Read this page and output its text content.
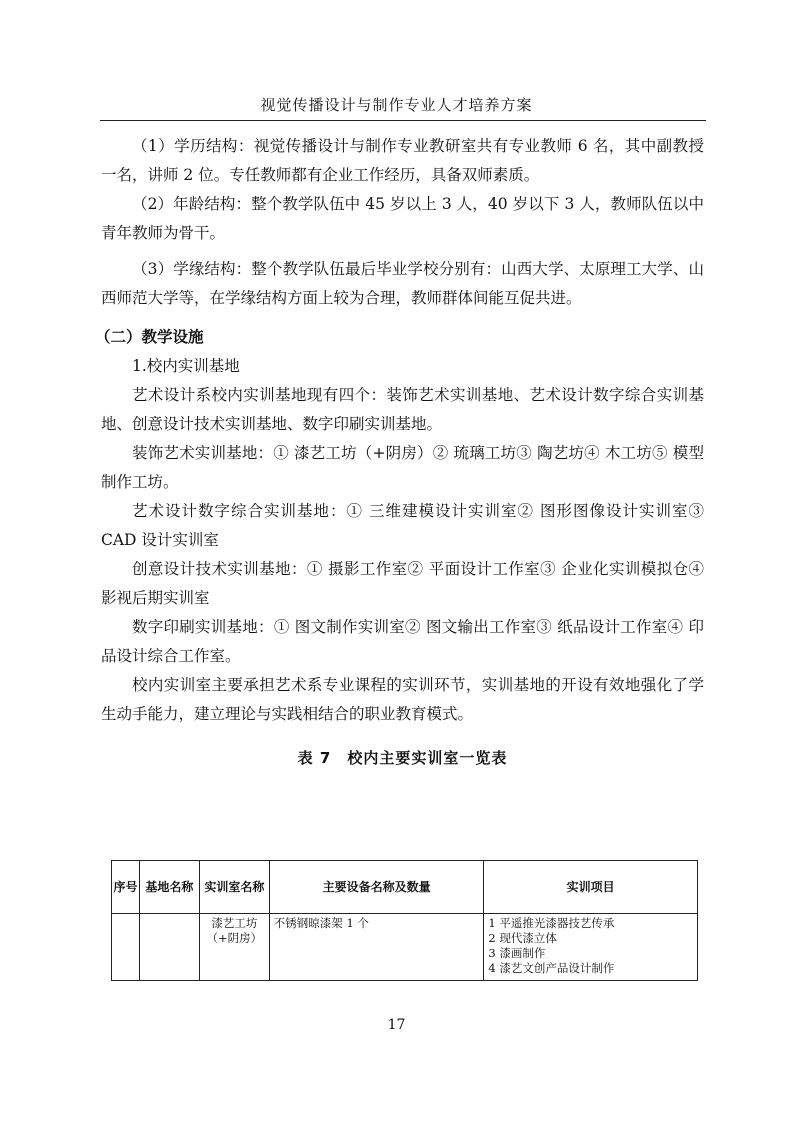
视觉传播设计与制作专业人才培养方案

（1）学历结构：视觉传播设计与制作专业教研室共有专业教师 6 名，其中副教授一名，讲师 2 位。专任教师都有企业工作经历，具备双师素质。

（2）年龄结构：整个教学队伍中 45 岁以上 3 人，40 岁以下 3 人，教师队伍以中青年教师为骨干。

（3）学缘结构：整个教学队伍最后毕业学校分别有：山西大学、太原理工大学、山西师范大学等，在学缘结构方面上较为合理，教师群体间能互促共进。

（二）教学设施

1.校内实训基地

艺术设计系校内实训基地现有四个：装饰艺术实训基地、艺术设计数字综合实训基地、创意设计技术实训基地、数字印刷实训基地。

装饰艺术实训基地：① 漆艺工坊（+阴房）② 琉璃工坊③ 陶艺坊④ 木工坊⑤ 模型制作工坊。

艺术设计数字综合实训基地：① 三维建模设计实训室② 图形图像设计实训室③ CAD 设计实训室

创意设计技术实训基地：① 摄影工作室② 平面设计工作室③ 企业化实训模拟仓④ 影视后期实训室

数字印刷实训基地：① 图文制作实训室② 图文输出工作室③ 纸品设计工作室④ 印品设计综合工作室。

校内实训室主要承担艺术系专业课程的实训环节，实训基地的开设有效地强化了学生动手能力，建立理论与实践相结合的职业教育模式。

表 7　校内主要实训室一览表
序号	基地名称	实训室名称	主要设备名称及数量	实训项目
		漆艺工坊（+阴房）	不锈钢晾漆架 1 个	1 平遥推光漆器技艺传承
2 现代漆立体
3 漆画制作
4 漆艺文创产品设计制作
17
